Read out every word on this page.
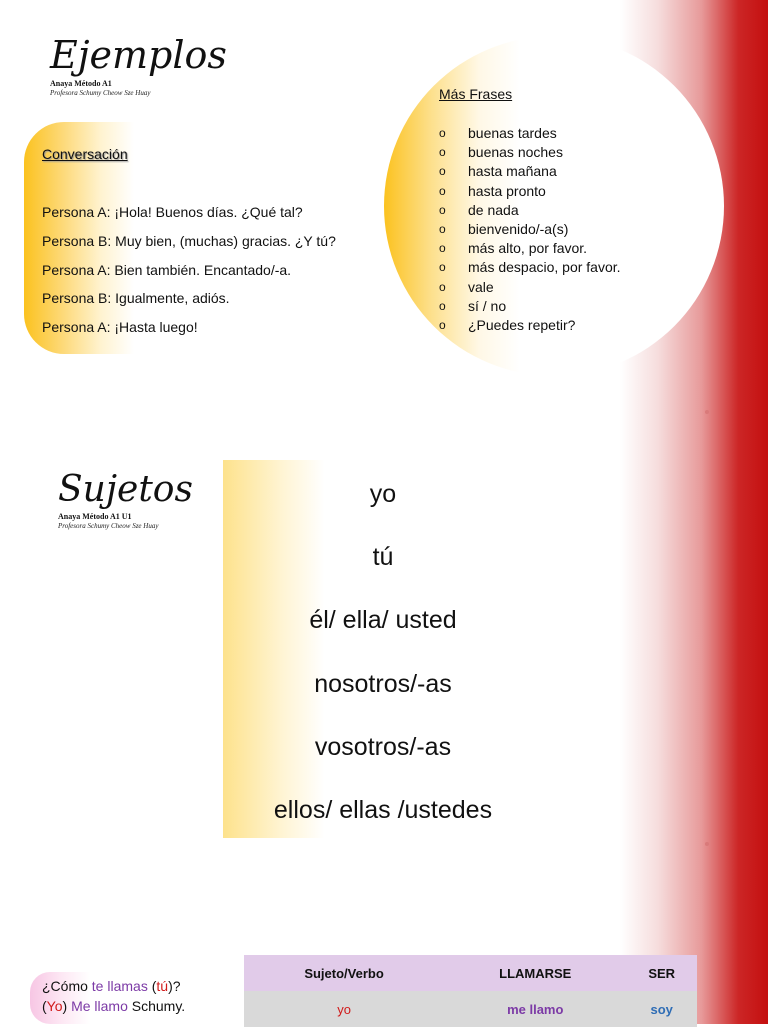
Ejemplos
Anaya Método A1
Profesora Schumy Cheow Sze Huay
Conversación
Persona A: ¡Hola! Buenos días. ¿Qué tal?
Persona B: Muy bien, (muchas) gracias. ¿Y tú?
Persona A: Bien también. Encantado/-a.
Persona B: Igualmente, adiós.
Persona A: ¡Hasta luego!
Más Frases
o	buenas tardes
o	buenas noches
o	hasta mañana
o	hasta pronto
o	de nada
o	bienvenido/-a(s)
o	más alto, por favor.
o	más despacio, por favor.
o	vale
o	sí / no
o	¿Puedes repetir?
Sujetos
Anaya Método A1 U1
Profesora Schumy Cheow Sze Huay
yo
tú
él/ ella/ usted
nosotros/-as
vosotros/-as
ellos/ ellas /ustedes
¿Cómo te llamas (tú)?
(Yo) Me llamo Schumy.
Sujeto/Verbo	LLAMARSE	SER
yo	me llamo	soy
